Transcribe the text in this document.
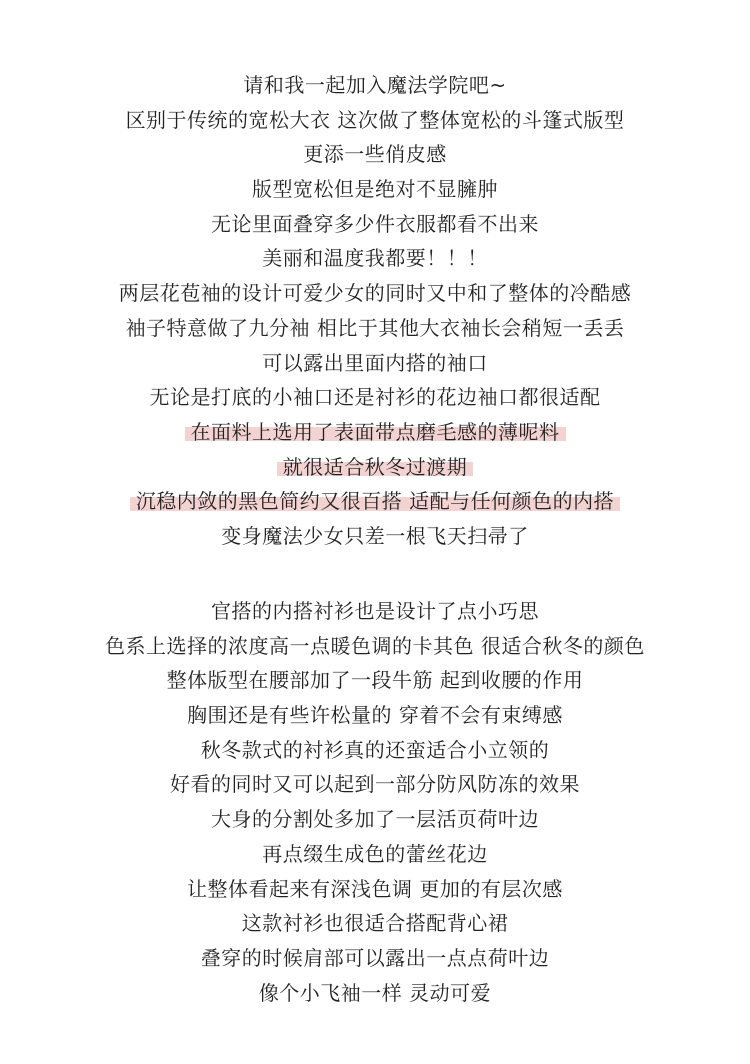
请和我一起加入魔法学院吧~
区别于传统的宽松大衣 这次做了整体宽松的斗篷式版型
更添一些俏皮感
版型宽松但是绝对不显臃肿
无论里面叠穿多少件衣服都看不出来
美丽和温度我都要！！！
两层花苞袖的设计可爱少女的同时又中和了整体的冷酷感
袖子特意做了九分袖 相比于其他大衣袖长会稍短一丢丢
可以露出里面内搭的袖口
无论是打底的小袖口还是衬衫的花边袖口都很适配
在面料上选用了表面带点磨毛感的薄呢料
就很适合秋冬过渡期
沉稳内敛的黑色简约又很百搭 适配与任何颜色的内搭
变身魔法少女只差一根飞天扫帚了
官搭的内搭衬衫也是设计了点小巧思
色系上选择的浓度高一点暖色调的卡其色 很适合秋冬的颜色
整体版型在腰部加了一段牛筋 起到收腰的作用
胸围还是有些许松量的 穿着不会有束缚感
秋冬款式的衬衫真的还蛮适合小立领的
好看的同时又可以起到一部分防风防冻的效果
大身的分割处多加了一层活页荷叶边
再点缀生成色的蕾丝花边
让整体看起来有深浅色调 更加的有层次感
这款衬衫也很适合搭配背心裙
叠穿的时候肩部可以露出一点点荷叶边
像个小飞袖一样 灵动可爱
